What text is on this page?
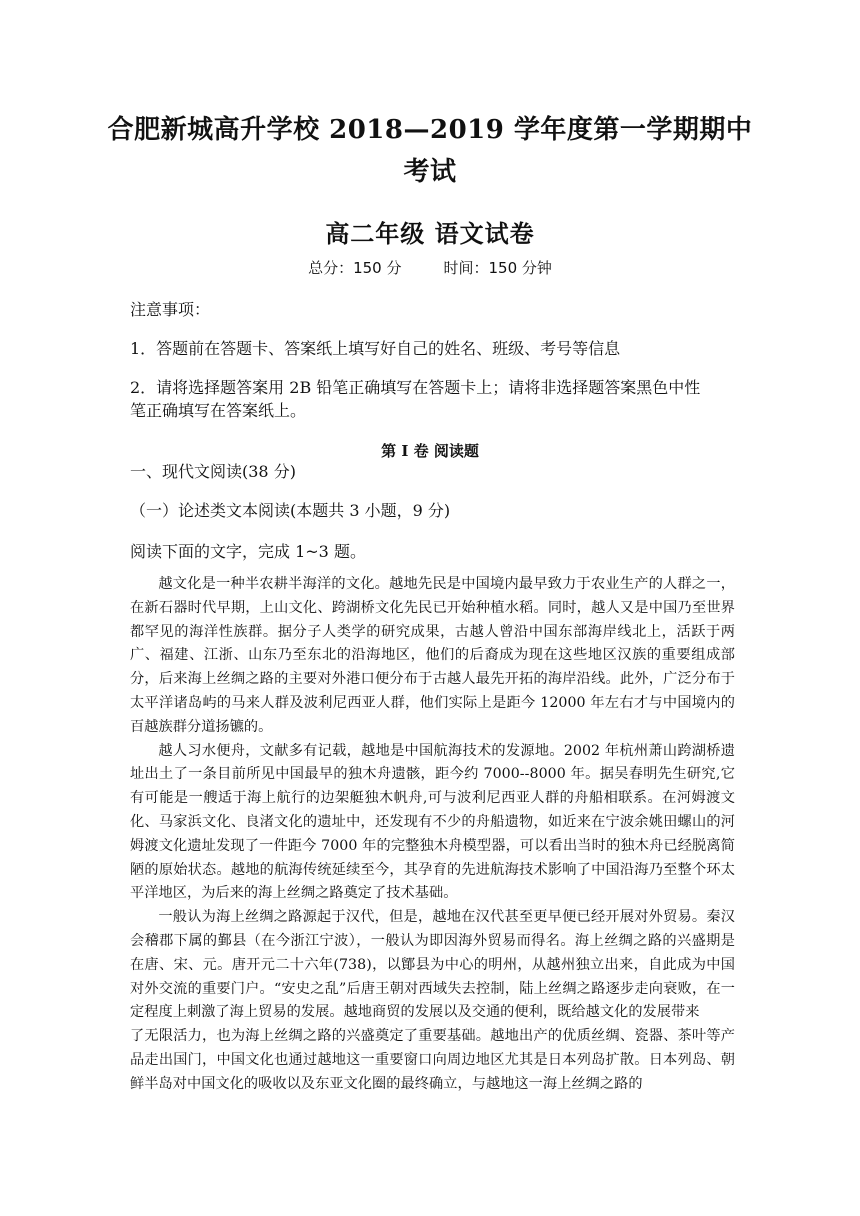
合肥新城高升学校 2018—2019 学年度第一学期期中
考试
高二年级 语文试卷
总分：150 分	时间：150 分钟
注意事项：
1．答题前在答题卡、答案纸上填写好自己的姓名、班级、考号等信息
2．请将选择题答案用 2B 铅笔正确填写在答题卡上；请将非选择题答案黑色中性
笔正确填写在答案纸上。
第 I 卷 阅读题
一、现代文阅读(38 分)
（一）论述类文本阅读(本题共 3 小题，9 分)
阅读下面的文字，完成 1~3 题。

越文化是一种半农耕半海洋的文化。越地先民是中国境内最早致力于农业生产的人群之一，在新石器时代早期，上山文化、跨湖桥文化先民已开始种植水稻。同时，越人又是中国乃至世界都罕见的海洋性族群。据分子人类学的研究成果，古越人曾沿中国东部海岸线北上，活跃于两广、福建、江浙、山东乃至东北的沿海地区，他们的后裔成为现在这些地区汉族的重要组成部分，后来海上丝绸之路的主要对外港口便分布于古越人最先开拓的海岸沿线。此外，广泛分布于太平洋诸岛屿的马来人群及波利尼西亚人群，他们实际上是距今 12000 年左右才与中国境内的百越族群分道扬镳的。

越人习水便舟，文献多有记载，越地是中国航海技术的发源地。2002 年杭州萧山跨湖桥遗址出土了一条目前所见中国最早的独木舟遗骸，距今约 7000--8000 年。据吴春明先生研究,它有可能是一艘适于海上航行的边架艇独木帆舟,可与波利尼西亚人群的舟船相联系。在河姆渡文化、马家浜文化、良渚文化的遗址中，还发现有不少的舟船遗物，如近来在宁波余姚田螺山的河姆渡文化遗址发现了一件距今 7000 年的完整独木舟模型器，可以看出当时的独木舟已经脱离简陋的原始状态。越地的航海传统延续至今，其孕育的先进航海技术影响了中国沿海乃至整个环太平洋地区，为后来的海上丝绸之路奠定了技术基础。

一般认为海上丝绸之路源起于汉代，但是，越地在汉代甚至更早便已经开展对外贸易。秦汉会稽郡下属的鄞县（在今浙江宁波），一般认为即因海外贸易而得名。海上丝绸之路的兴盛期是在唐、宋、元。唐开元二十六年(738)，以鄮县为中心的明州，从越州独立出来，自此成为中国对外交流的重要门户。“安史之乱”后唐王朝对西域失去控制，陆上丝绸之路逐步走向衰败，在一定程度上刺激了海上贸易的发展。越地商贸的发展以及交通的便利，既给越文化的发展带来

了无限活力，也为海上丝绸之路的兴盛奠定了重要基础。越地出产的优质丝绸、瓷器、茶叶等产品走出国门，中国文化也通过越地这一重要窗口向周边地区尤其是日本列岛扩散。日本列岛、朝鲜半岛对中国文化的吸收以及东亚文化圈的最终确立，与越地这一海上丝绸之路的
